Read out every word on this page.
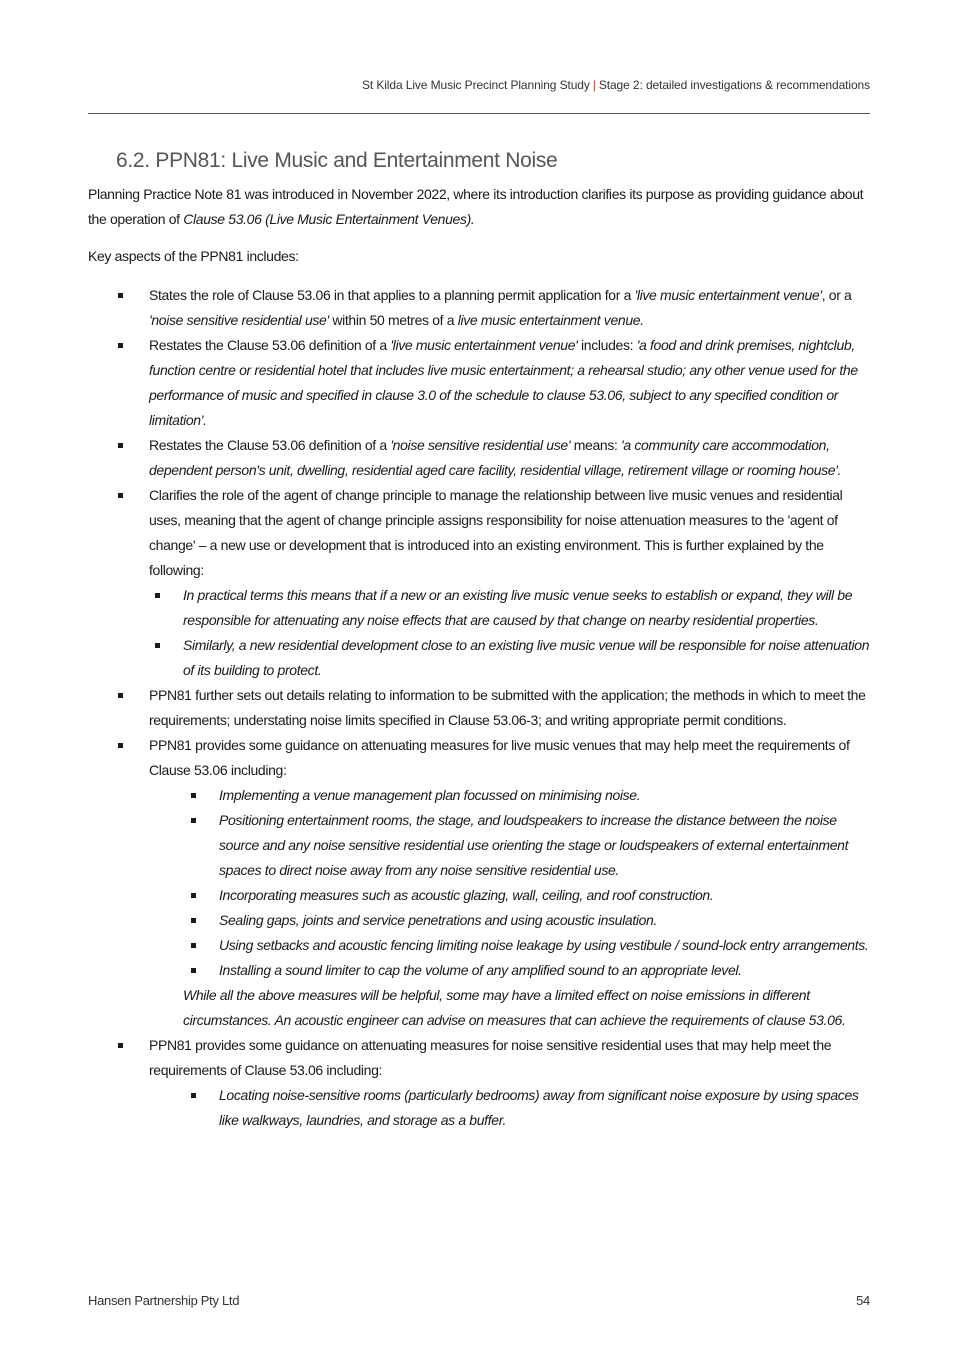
St Kilda Live Music Precinct Planning Study | Stage 2: detailed investigations & recommendations
6.2. PPN81: Live Music and Entertainment Noise

Planning Practice Note 81 was introduced in November 2022, where its introduction clarifies its purpose as providing guidance about the operation of Clause 53.06 (Live Music Entertainment Venues).

Key aspects of the PPN81 includes:

States the role of Clause 53.06 in that applies to a planning permit application for a 'live music entertainment venue', or a 'noise sensitive residential use' within 50 metres of a live music entertainment venue.
Restates the Clause 53.06 definition of a 'live music entertainment venue' includes: 'a food and drink premises, nightclub, function centre or residential hotel that includes live music entertainment; a rehearsal studio; any other venue used for the performance of music and specified in clause 3.0 of the schedule to clause 53.06, subject to any specified condition or limitation'.
Restates the Clause 53.06 definition of a 'noise sensitive residential use' means: 'a community care accommodation, dependent person's unit, dwelling, residential aged care facility, residential village, retirement village or rooming house'.
Clarifies the role of the agent of change principle to manage the relationship between live music venues and residential uses, meaning that the agent of change principle assigns responsibility for noise attenuation measures to the 'agent of change' – a new use or development that is introduced into an existing environment. This is further explained by the following:
In practical terms this means that if a new or an existing live music venue seeks to establish or expand, they will be responsible for attenuating any noise effects that are caused by that change on nearby residential properties.
Similarly, a new residential development close to an existing live music venue will be responsible for noise attenuation of its building to protect.
PPN81 further sets out details relating to information to be submitted with the application; the methods in which to meet the requirements; understating noise limits specified in Clause 53.06-3; and writing appropriate permit conditions.
PPN81 provides some guidance on attenuating measures for live music venues that may help meet the requirements of Clause 53.06 including:
Implementing a venue management plan focussed on minimising noise.
Positioning entertainment rooms, the stage, and loudspeakers to increase the distance between the noise source and any noise sensitive residential use orienting the stage or loudspeakers of external entertainment spaces to direct noise away from any noise sensitive residential use.
Incorporating measures such as acoustic glazing, wall, ceiling, and roof construction.
Sealing gaps, joints and service penetrations and using acoustic insulation.
Using setbacks and acoustic fencing limiting noise leakage by using vestibule / sound-lock entry arrangements.
Installing a sound limiter to cap the volume of any amplified sound to an appropriate level.

While all the above measures will be helpful, some may have a limited effect on noise emissions in different circumstances. An acoustic engineer can advise on measures that can achieve the requirements of clause 53.06.

PPN81 provides some guidance on attenuating measures for noise sensitive residential uses that may help meet the requirements of Clause 53.06 including:
Locating noise-sensitive rooms (particularly bedrooms) away from significant noise exposure by using spaces like walkways, laundries, and storage as a buffer.
Hansen Partnership Pty Ltd	54
